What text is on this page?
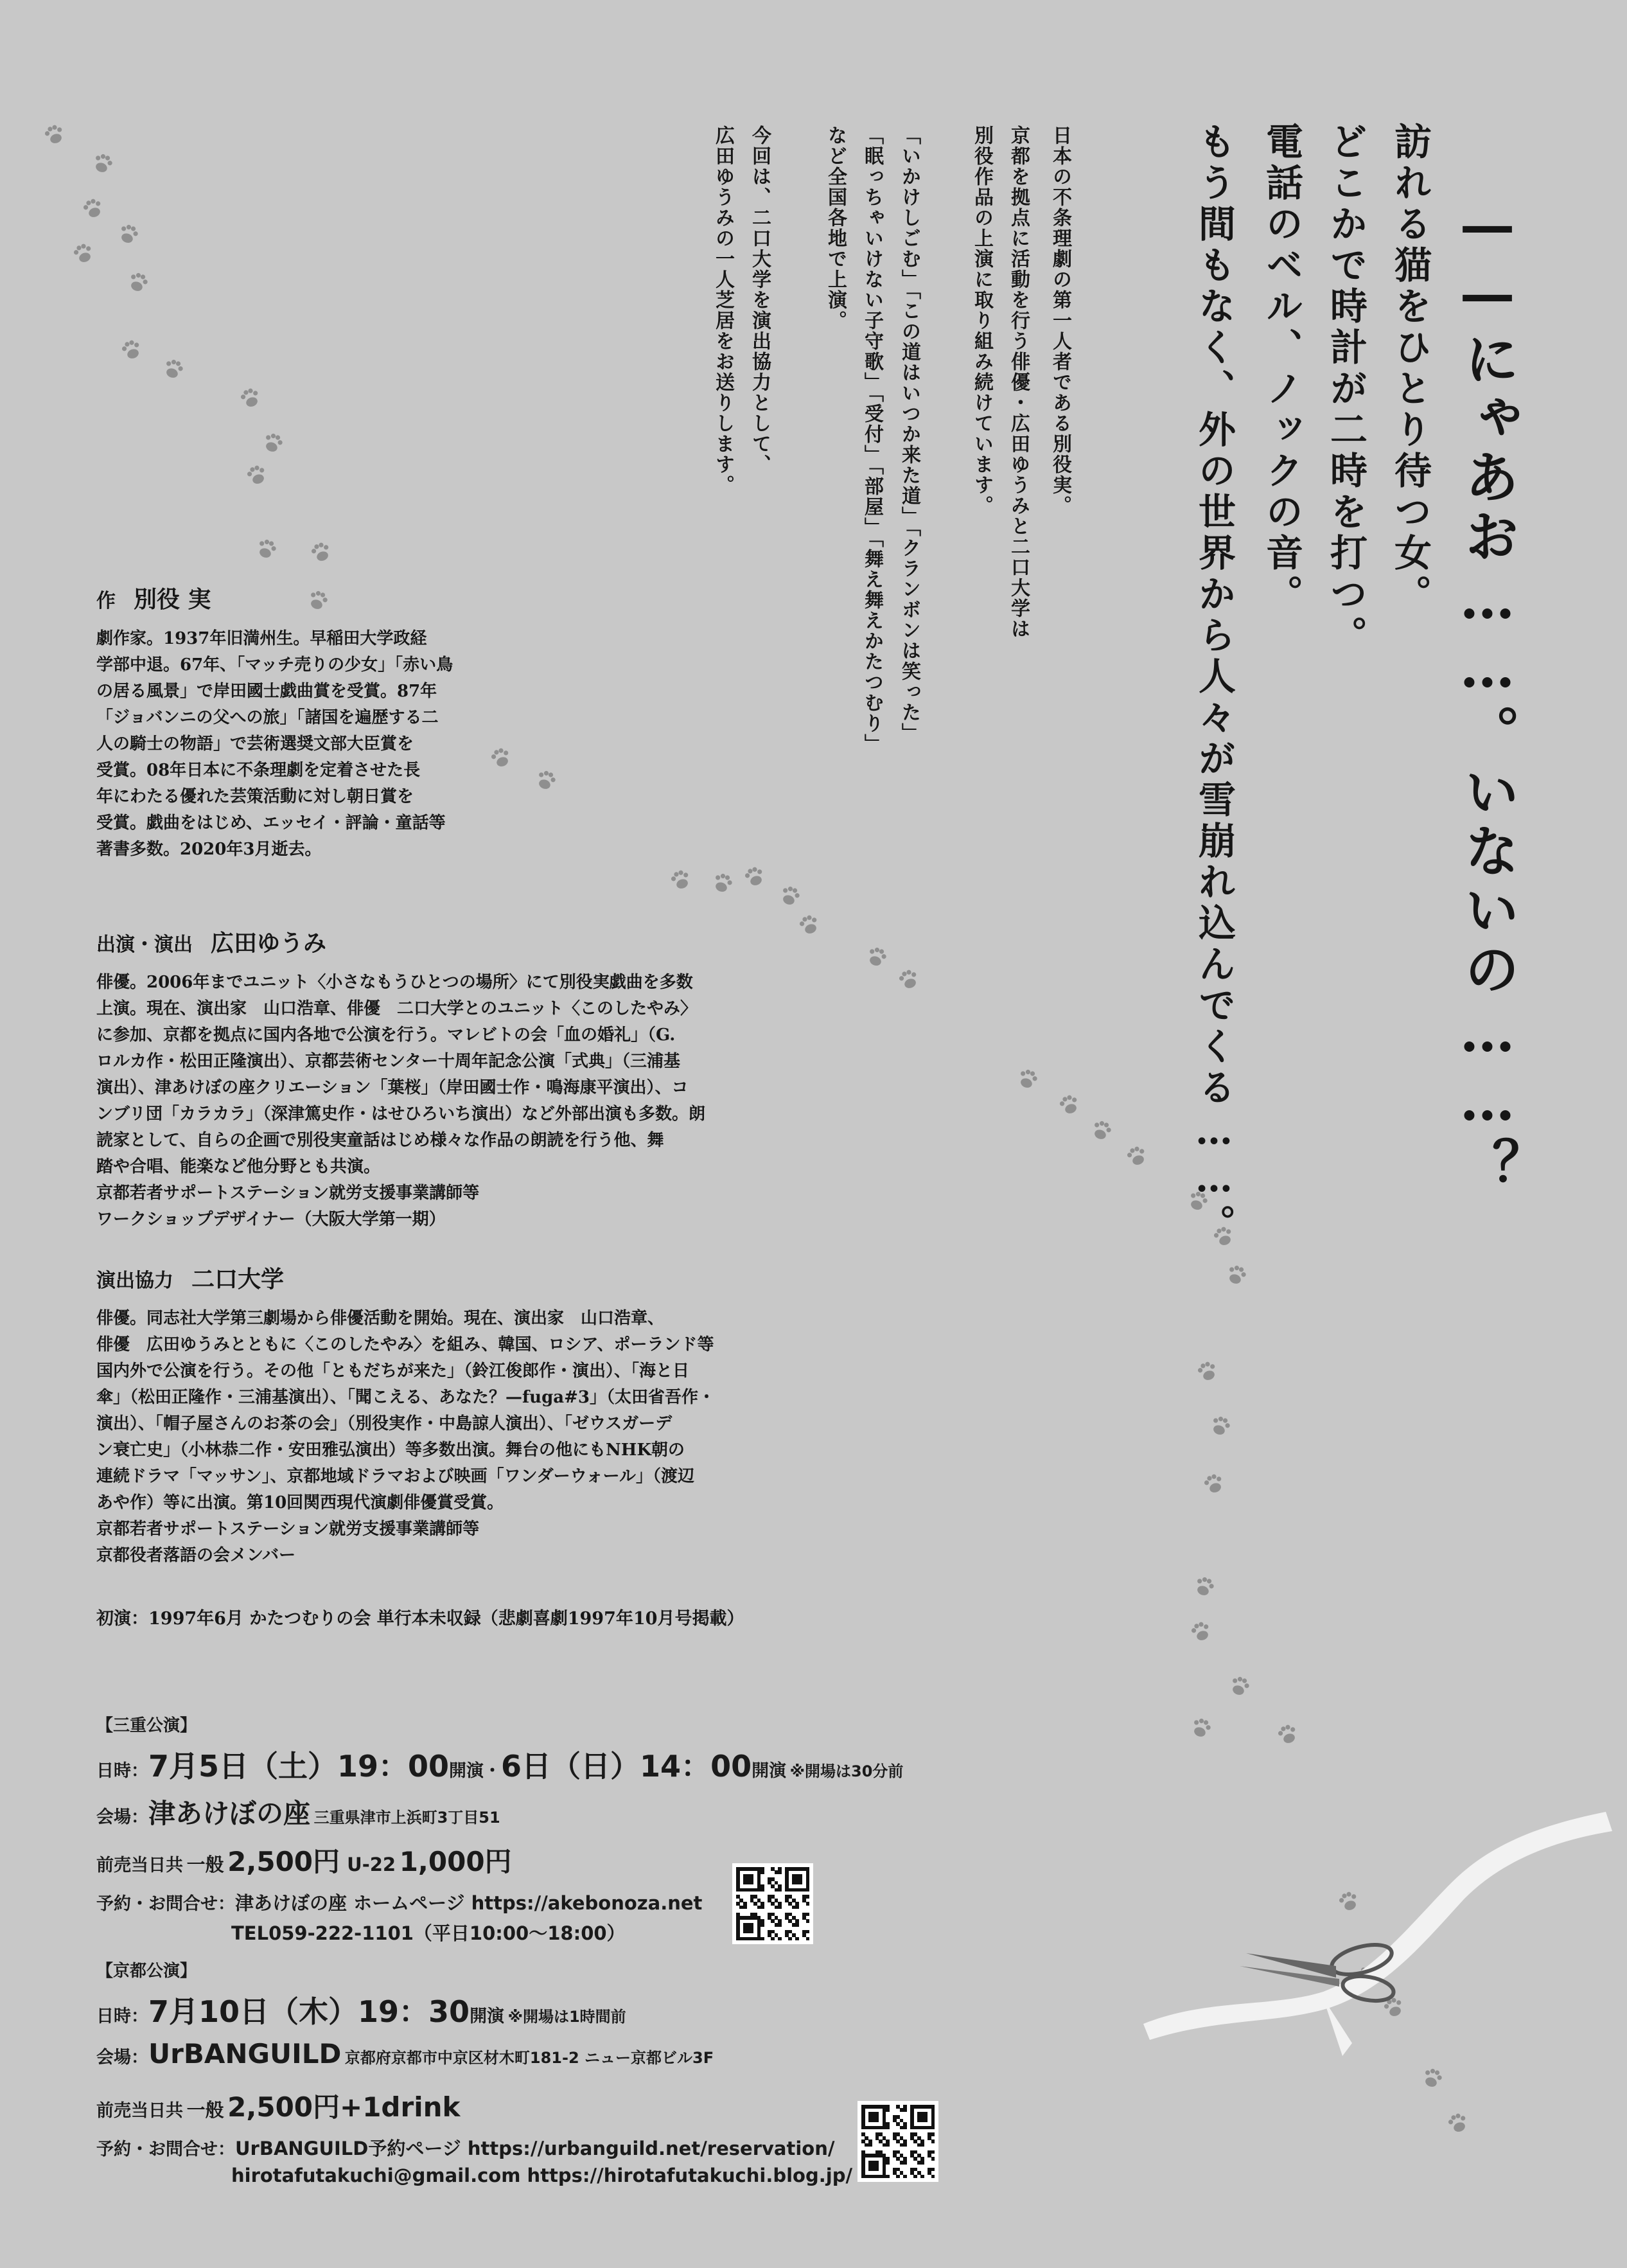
——にゃあお……。いないの……？
訪れる猫をひとり待つ女。
どこかで時計が二時を打つ。
電話のベル、ノックの音。
もう間もなく、外の世界から人々が雪崩れ込んでくる……。
日本の不条理劇の第一人者である別役実。
京都を拠点に活動を行う俳優・広田ゆうみと二口大学は
別役作品の上演に取り組み続けています。
「いかけしごむ」「この道はいつか来た道」「クランボンは笑った」
「眠っちゃいけない子守歌」「受付」「部屋」「舞え舞えかたつむり」
など全国各地で上演。
今回は、二口大学を演出協力として、
広田ゆうみの一人芝居をお送りします。
作 別役 実
劇作家。1937年旧満州生。早稲田大学政経
学部中退。67年、「マッチ売りの少女」「赤い鳥
の居る風景」で岸田國士戯曲賞を受賞。87年
「ジョバンニの父への旅」「諸国を遍歴する二
人の騎士の物語」で芸術選奨文部大臣賞を
受賞。08年日本に不条理劇を定着させた長
年にわたる優れた芸策活動に対し朝日賞を
受賞。戯曲をはじめ、エッセイ・評論・童話等
著書多数。2020年3月逝去。
出演・演出 広田ゆうみ
俳優。2006年までユニット〈小さなもうひとつの場所〉にて別役実戯曲を多数
上演。現在、演出家　山口浩章、俳優　二口大学とのユニット〈このしたやみ〉
に参加、京都を拠点に国内各地で公演を行う。マレビトの会「血の婚礼」（G.
ロルカ作・松田正隆演出）、京都芸術センター十周年記念公演「式典」（三浦基
演出）、津あけぼの座クリエーション「葉桜」（岸田國士作・鳴海康平演出）、コ
ンブリ団「カラカラ」（深津篤史作・はせひろいち演出）など外部出演も多数。朗
読家として、自らの企画で別役実童話はじめ様々な作品の朗読を行う他、舞
踏や合唱、能楽など他分野とも共演。
京都若者サポートステーション就労支援事業講師等
ワークショップデザイナー（大阪大学第一期）
演出協力 二口大学
俳優。同志社大学第三劇場から俳優活動を開始。現在、演出家　山口浩章、
俳優　広田ゆうみとともに〈このしたやみ〉を組み、韓国、ロシア、ポーランド等
国内外で公演を行う。その他「ともだちが来た」（鈴江俊郎作・演出）、「海と日
傘」（松田正隆作・三浦基演出）、「聞こえる、あなた？—fuga#3」（太田省吾作・
演出）、「帽子屋さんのお茶の会」（別役実作・中島諒人演出）、「ゼウスガーデ
ン衰亡史」（小林恭二作・安田雅弘演出）等多数出演。舞台の他にもNHK朝の
連続ドラマ「マッサン」、京都地域ドラマおよび映画「ワンダーウォール」（渡辺
あや作）等に出演。第10回関西現代演劇俳優賞受賞。
京都若者サポートステーション就労支援事業講師等
京都役者落語の会メンバー
初演：1997年6月 かたつむりの会 単行本未収録（悲劇喜劇1997年10月号掲載）
【三重公演】
日時：7月5日（土）19：00開演・6日（日）14：00開演 ※開場は30分前
会場：津あけぼの座 三重県津市上浜町3丁目51
前売当日共 一般 2,500円 U-22 1,000円
予約・お問合せ：津あけぼの座 ホームページ https://akebonoza.net
TEL059-222-1101（平日10:00〜18:00）
【京都公演】
日時：7月10日（木）19：30開演 ※開場は1時間前
会場：UrBANGUILD 京都府京都市中京区材木町181-2 ニュー京都ビル3F
前売当日共 一般 2,500円+1drink
予約・お問合せ：UrBANGUILD予約ページ https://urbanguild.net/reservation/
hirotafutakuchi@gmail.com https://hirotafutakuchi.blog.jp/
